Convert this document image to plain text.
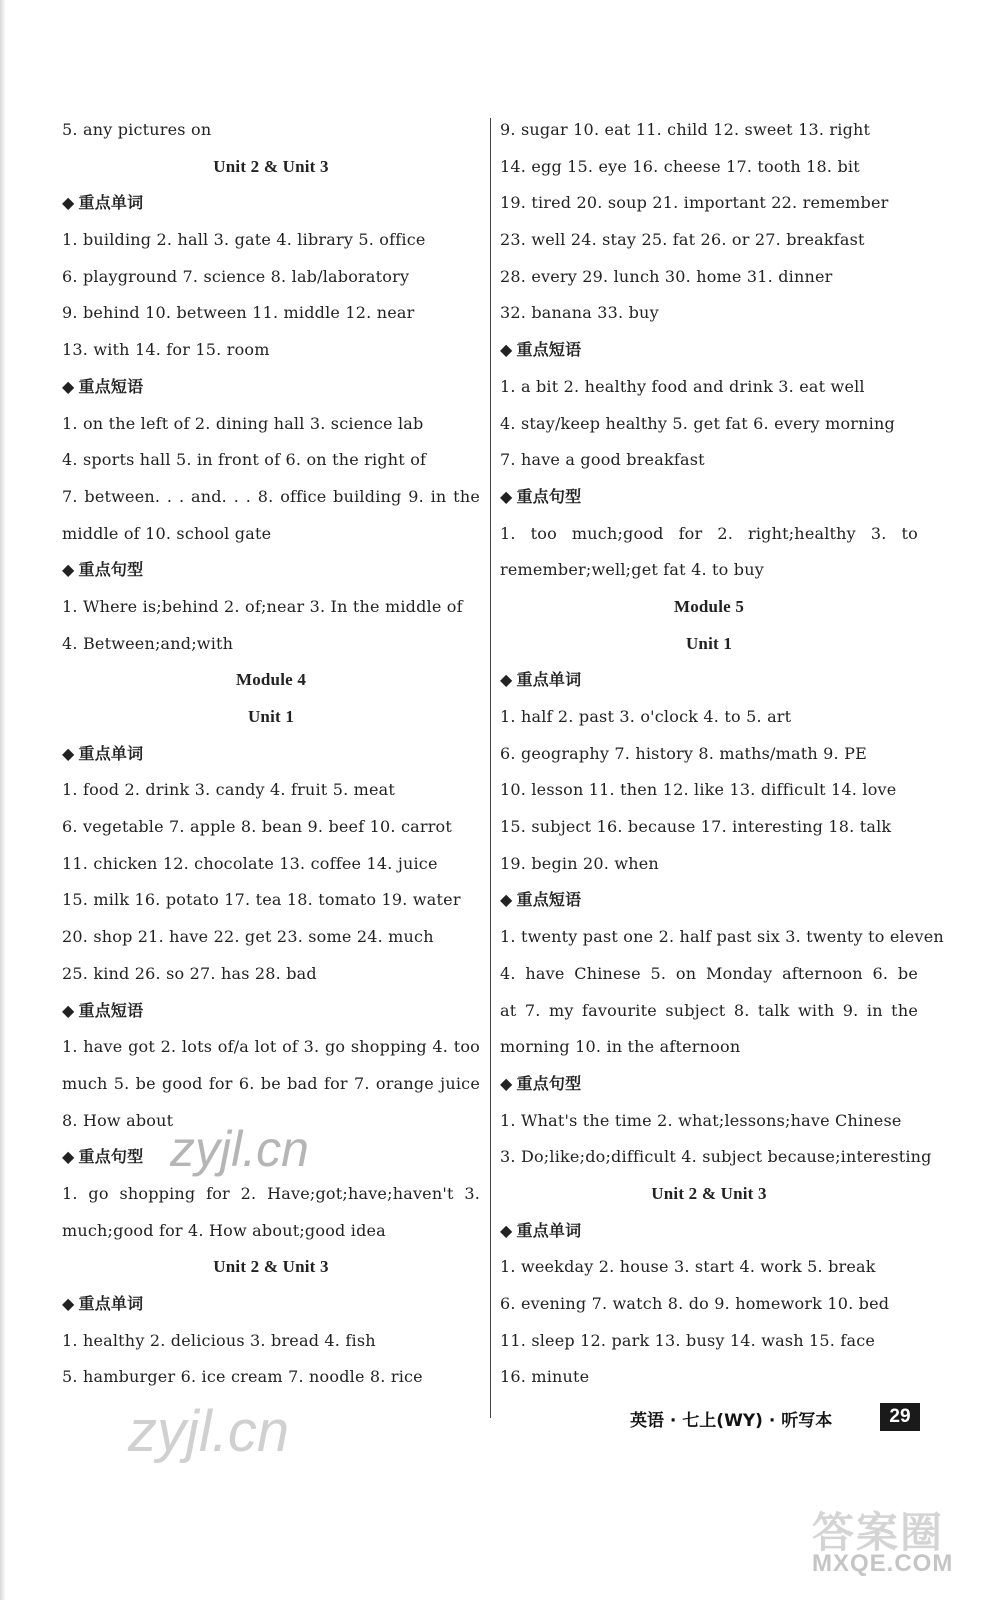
5. any pictures on
Unit 2 & Unit 3
◆ 重点单词
1. building 2. hall 3. gate 4. library 5. office
6. playground 7. science 8. lab/laboratory
9. behind 10. between 11. middle 12. near
13. with 14. for 15. room
◆ 重点短语
1. on the left of 2. dining hall 3. science lab
4. sports hall 5. in front of 6. on the right of
7. between. . . and. . . 8. office building 9. in the
middle of 10. school gate
◆ 重点句型
1. Where is;behind 2. of;near 3. In the middle of
4. Between;and;with
Module 4
Unit 1
◆ 重点单词
1. food 2. drink 3. candy 4. fruit 5. meat
6. vegetable 7. apple 8. bean 9. beef 10. carrot
11. chicken 12. chocolate 13. coffee 14. juice
15. milk 16. potato 17. tea 18. tomato 19. water
20. shop 21. have 22. get 23. some 24. much
25. kind 26. so 27. has 28. bad
◆ 重点短语
1. have got 2. lots of/a lot of 3. go shopping 4. too
much 5. be good for 6. be bad for 7. orange juice
8. How about
◆ 重点句型
1. go shopping for 2. Have;got;have;haven't 3.
much;good for 4. How about;good idea
Unit 2 & Unit 3
◆ 重点单词
1. healthy 2. delicious 3. bread 4. fish
5. hamburger 6. ice cream 7. noodle 8. rice
9. sugar 10. eat 11. child 12. sweet 13. right
14. egg 15. eye 16. cheese 17. tooth 18. bit
19. tired 20. soup 21. important 22. remember
23. well 24. stay 25. fat 26. or 27. breakfast
28. every 29. lunch 30. home 31. dinner
32. banana 33. buy
◆ 重点短语
1. a bit 2. healthy food and drink 3. eat well
4. stay/keep healthy 5. get fat 6. every morning
7. have a good breakfast
◆ 重点句型
1. too much;good for 2. right;healthy 3. to
remember;well;get fat 4. to buy
Module 5
Unit 1
◆ 重点单词
1. half 2. past 3. o'clock 4. to 5. art
6. geography 7. history 8. maths/math 9. PE
10. lesson 11. then 12. like 13. difficult 14. love
15. subject 16. because 17. interesting 18. talk
19. begin 20. when
◆ 重点短语
1. twenty past one 2. half past six 3. twenty to eleven
4. have Chinese 5. on Monday afternoon 6. be
at 7. my favourite subject 8. talk with 9. in the
morning 10. in the afternoon
◆ 重点句型
1. What's the time 2. what;lessons;have Chinese
3. Do;like;do;difficult 4. subject because;interesting
Unit 2 & Unit 3
◆ 重点单词
1. weekday 2. house 3. start 4. work 5. break
6. evening 7. watch 8. do 9. homework 10. bed
11. sleep 12. park 13. busy 14. wash 15. face
16. minute
英语 · 七上(WY) · 听写本	29
zyjl.cn
zyjl.cn
答案圈
MXQE.COM
